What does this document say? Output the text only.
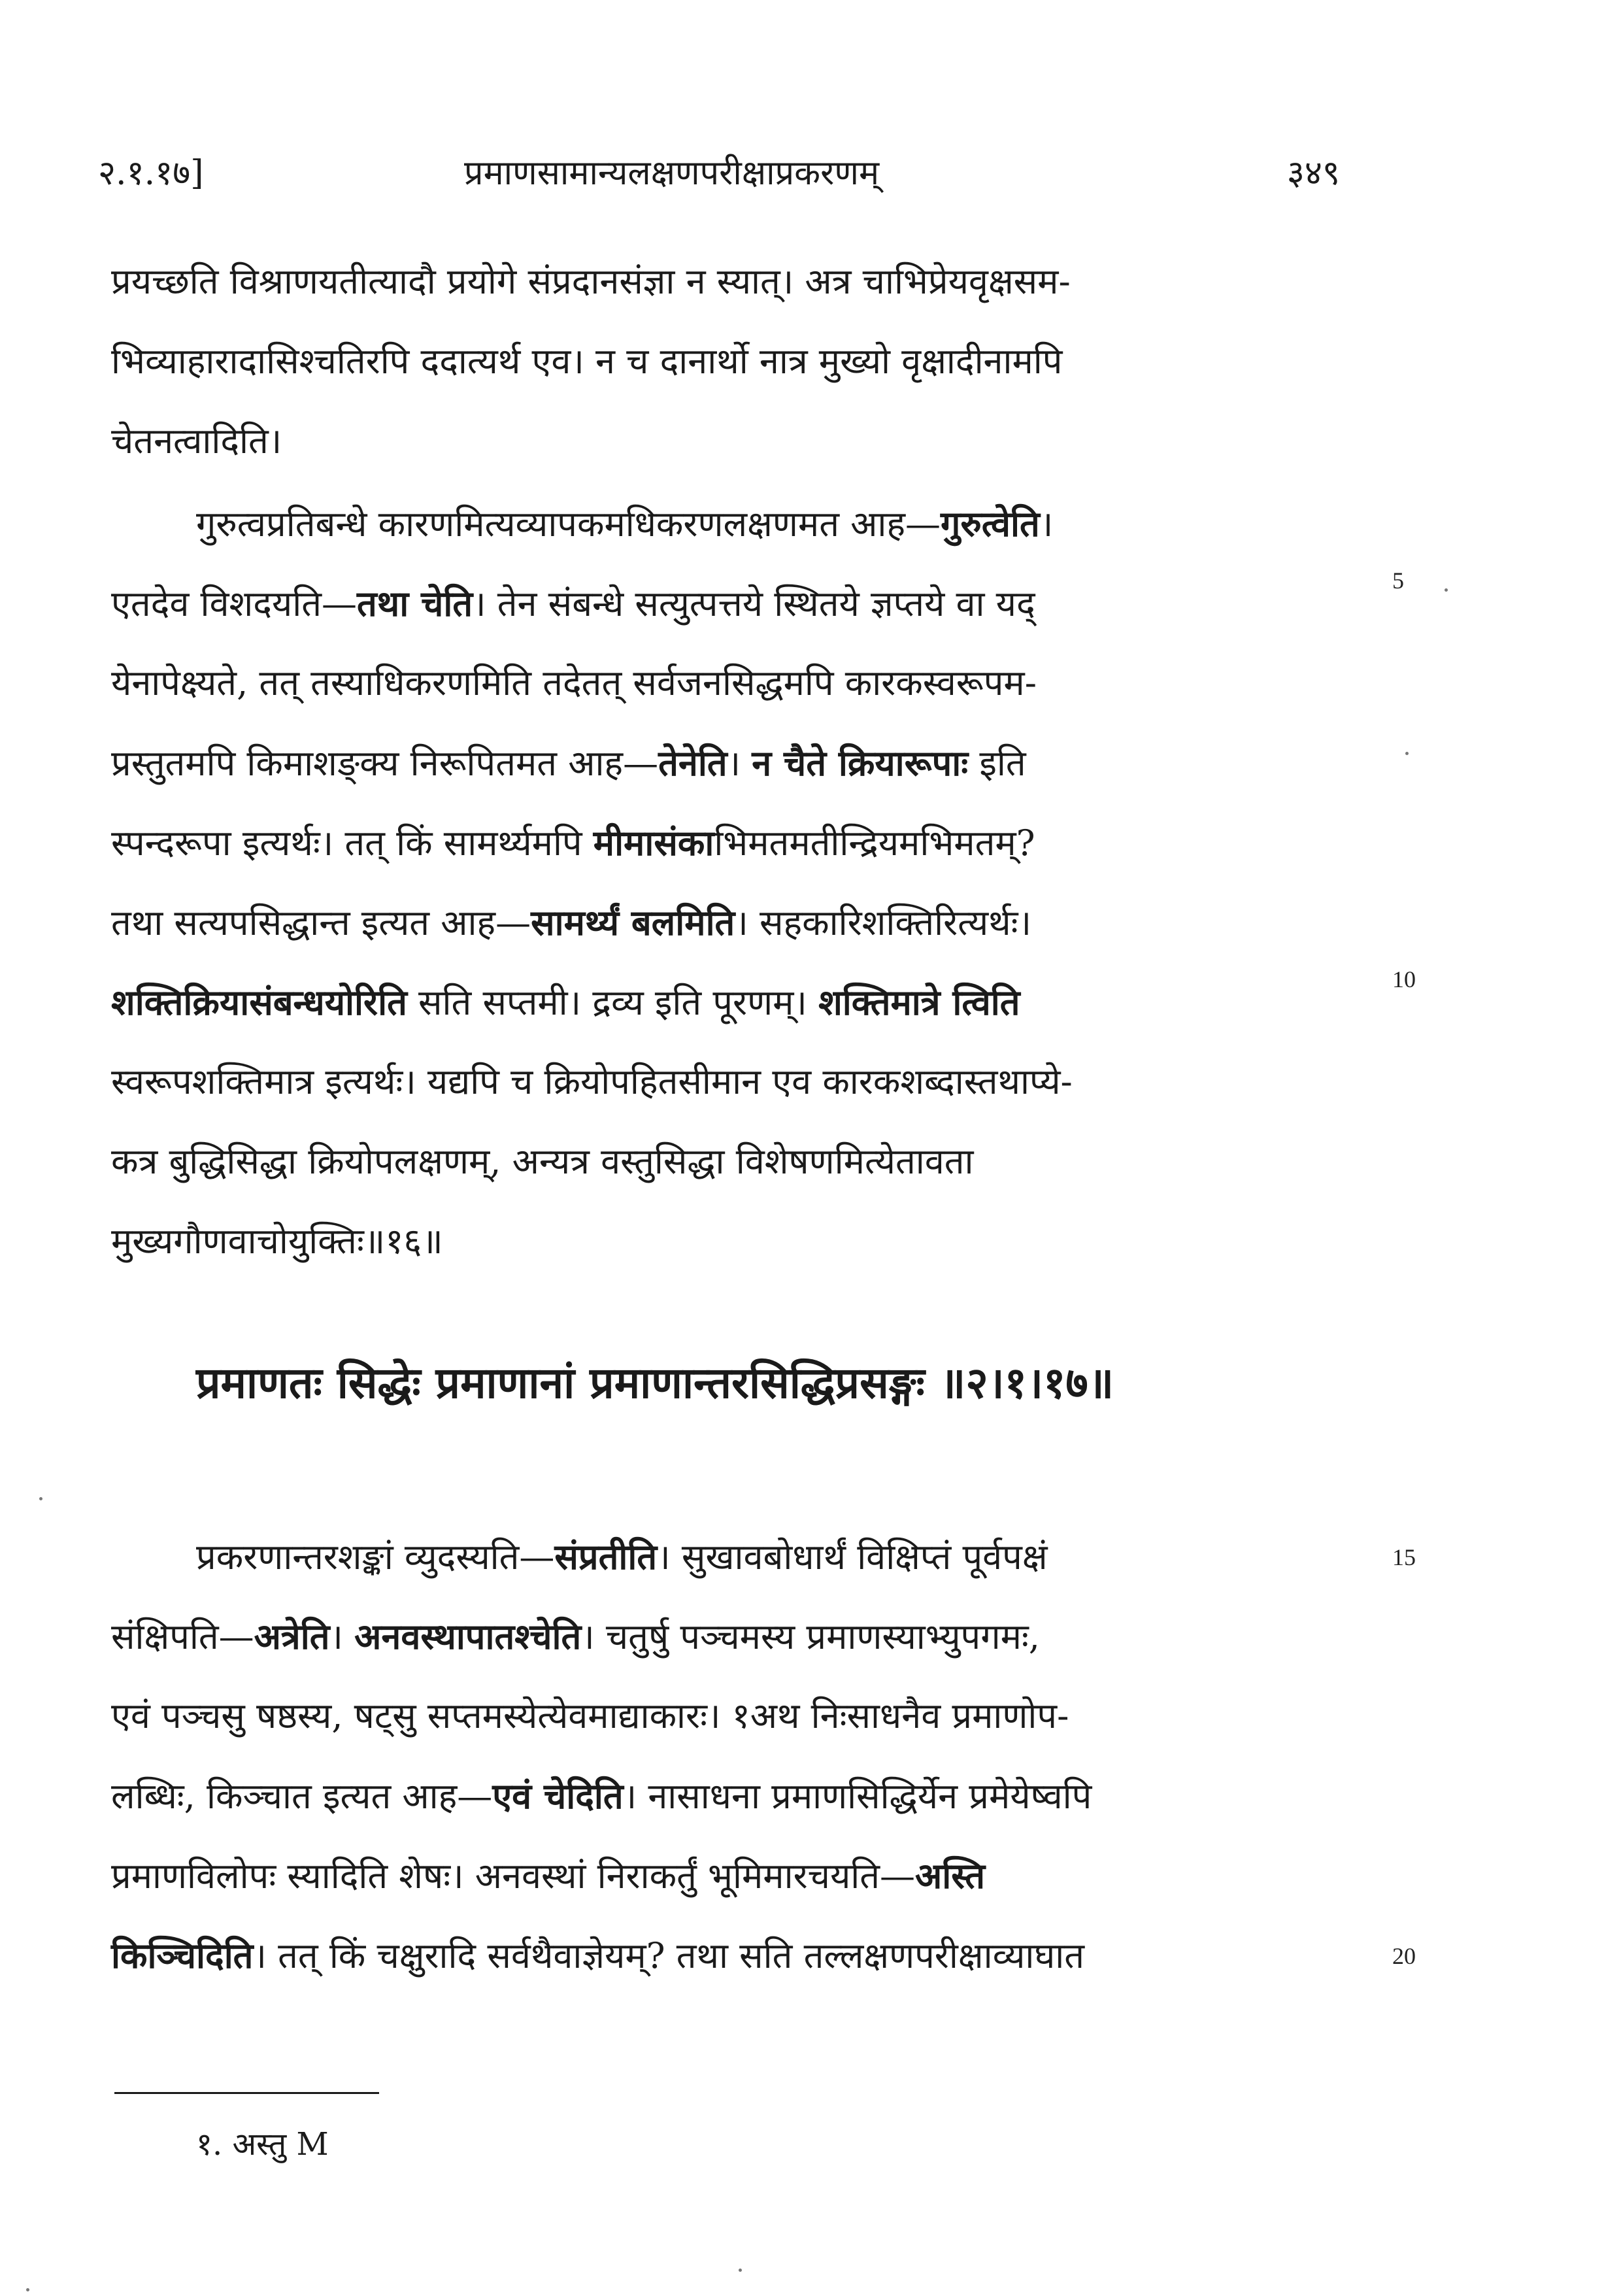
२.१.१७]	प्रमाणसामान्यलक्षणपरीक्षाप्रकरणम्	३४९
प्रयच्छति विश्राणयतीत्यादौ प्रयोगे संप्रदानसंज्ञा न स्यात्। अत्र चाभिप्रेयवृक्षसम-
भिव्याहारादासिश्चतिरपि ददात्यर्थ एव। न च दानार्थो नात्र मुख्यो वृक्षादीनामपि
चेतनत्वादिति।
गुरुत्वप्रतिबन्धे कारणमित्यव्यापकमधिकरणलक्षणमत आह—गुरुत्वेति।
एतदेव विशदयति—तथा चेति। तेन संबन्धे सत्युत्पत्तये स्थितये ज्ञप्तये वा यद्
येनापेक्ष्यते, तत् तस्याधिकरणमिति तदेतत् सर्वजनसिद्धमपि कारकस्वरूपम-
प्रस्तुतमपि किमाशङ्क्य निरूपितमत आह—तेनेति। न चैते क्रियारूपाः इति
स्पन्दरूपा इत्यर्थः। तत् किं सामर्थ्यमपि मीमासंकाभिमतमतीन्द्रियमभिमतम्?
तथा सत्यपसिद्धान्त इत्यत आह—सामर्थ्यं बलमिति। सहकारिशक्तिरित्यर्थः।
शक्तिक्रियासंबन्धयोरिति सति सप्तमी। द्रव्य इति पूरणम्। शक्तिमात्रे त्विति
स्वरूपशक्तिमात्र इत्यर्थः। यद्यपि च क्रियोपहितसीमान एव कारकशब्दास्तथाप्ये-
कत्र बुद्धिसिद्धा क्रियोपलक्षणम्, अन्यत्र वस्तुसिद्धा विशेषणमित्येतावता
मुख्यगौणवाचोयुक्तिः॥१६॥
प्रमाणतः सिद्धेः प्रमाणानां प्रमाणान्तरसिद्धिप्रसङ्गः ॥२।१।१७॥
प्रकरणान्तरशङ्कां व्युदस्यति—संप्रतीति। सुखावबोधार्थं विक्षिप्तं पूर्वपक्षं
संक्षिपति—अत्रेति। अनवस्थापातश्चेति। चतुर्षु पञ्चमस्य प्रमाणस्याभ्युपगमः,
एवं पञ्चसु षष्ठस्य, षट्सु सप्तमस्येत्येवमाद्याकारः। १अथ निःसाधनैव प्रमाणोप-
लब्धिः, किञ्चात इत्यत आह—एवं चेदिति। नासाधना प्रमाणसिद्धिर्येन प्रमेयेष्वपि
प्रमाणविलोपः स्यादिति शेषः। अनवस्थां निराकर्तुं भूमिमारचयति—अस्ति
किञ्चिदिति। तत् किं चक्षुरादि सर्वथैवाज्ञेयम्? तथा सति तल्लक्षणपरीक्षाव्याघात
5
10
15
20
१. अस्तु M
